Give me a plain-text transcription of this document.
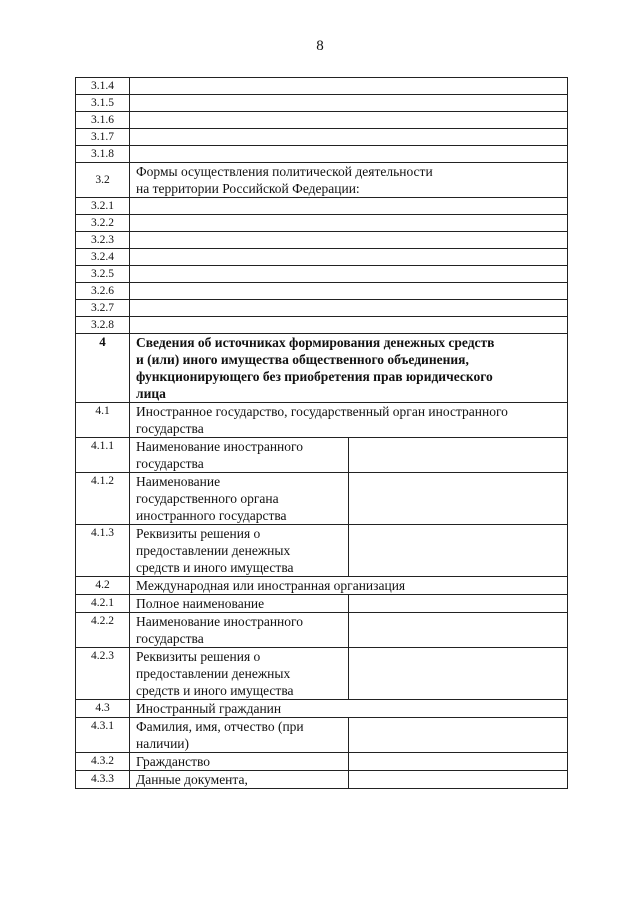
8
3.1.4		
3.1.5		
3.1.6		
3.1.7		
3.1.8		
3.2	Формы осуществления политической деятельности
на территории Российской Федерации:	

3.2.1		
3.2.2		
3.2.3		
3.2.4		
3.2.5		
3.2.6		
3.2.7		
3.2.8		
4	Сведения об источниках формирования денежных средств
и (или) иного имущества общественного объединения,
функционирующего без приобретения прав юридического
лица	

4.1	Иностранное государство, государственный орган иностранного
государства	

4.1.1	Наименование иностранного
государства	

4.1.2	Наименование
государственного органа
иностранного государства	

4.1.3	Реквизиты решения о
предоставлении денежных
средств и иного имущества	

4.2	Международная или иностранная организация	
4.2.1	Полное наименование	

4.2.2	Наименование иностранного
государства	

4.2.3	Реквизиты решения о
предоставлении денежных
средств и иного имущества	

4.3	Иностранный гражданин	
4.3.1	Фамилия, имя, отчество (при
наличии)	

4.3.2	Гражданство	

4.3.3	Данные документа,	
